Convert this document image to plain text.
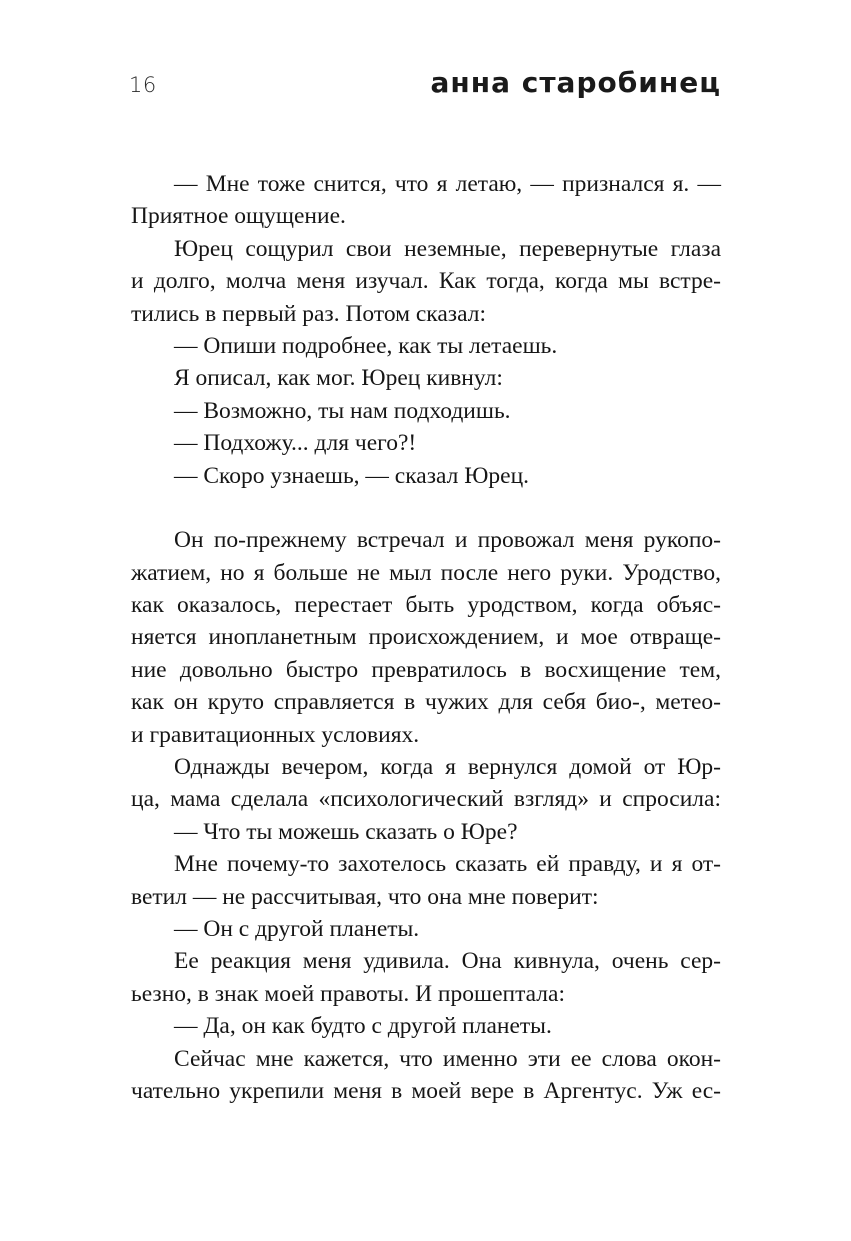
16	анна старобинец
— Мне тоже снится, что я летаю, — признался я. —
Приятное ощущение.
Юрец сощурил свои неземные, перевернутые глаза
и долго, молча меня изучал. Как тогда, когда мы встре-
тились в первый раз. Потом сказал:
— Опиши подробнее, как ты летаешь.
Я описал, как мог. Юрец кивнул:
— Возможно, ты нам подходишь.
— Подхожу... для чего?!
— Скоро узнаешь, — сказал Юрец.
Он по-прежнему встречал и провожал меня рукопо-
жатием, но я больше не мыл после него руки. Уродство,
как оказалось, перестает быть уродством, когда объяс-
няется инопланетным происхождением, и мое отвраще-
ние довольно быстро превратилось в восхищение тем,
как он круто справляется в чужих для себя био-, метео-
и гравитационных условиях.
Однажды вечером, когда я вернулся домой от Юр-
ца, мама сделала «психологический взгляд» и спросила:
— Что ты можешь сказать о Юре?
Мне почему-то захотелось сказать ей правду, и я от-
ветил — не рассчитывая, что она мне поверит:
— Он с другой планеты.
Ее реакция меня удивила. Она кивнула, очень сер-
ьезно, в знак моей правоты. И прошептала:
— Да, он как будто с другой планеты.
Сейчас мне кажется, что именно эти ее слова окон-
чательно укрепили меня в моей вере в Аргентус. Уж ес-
